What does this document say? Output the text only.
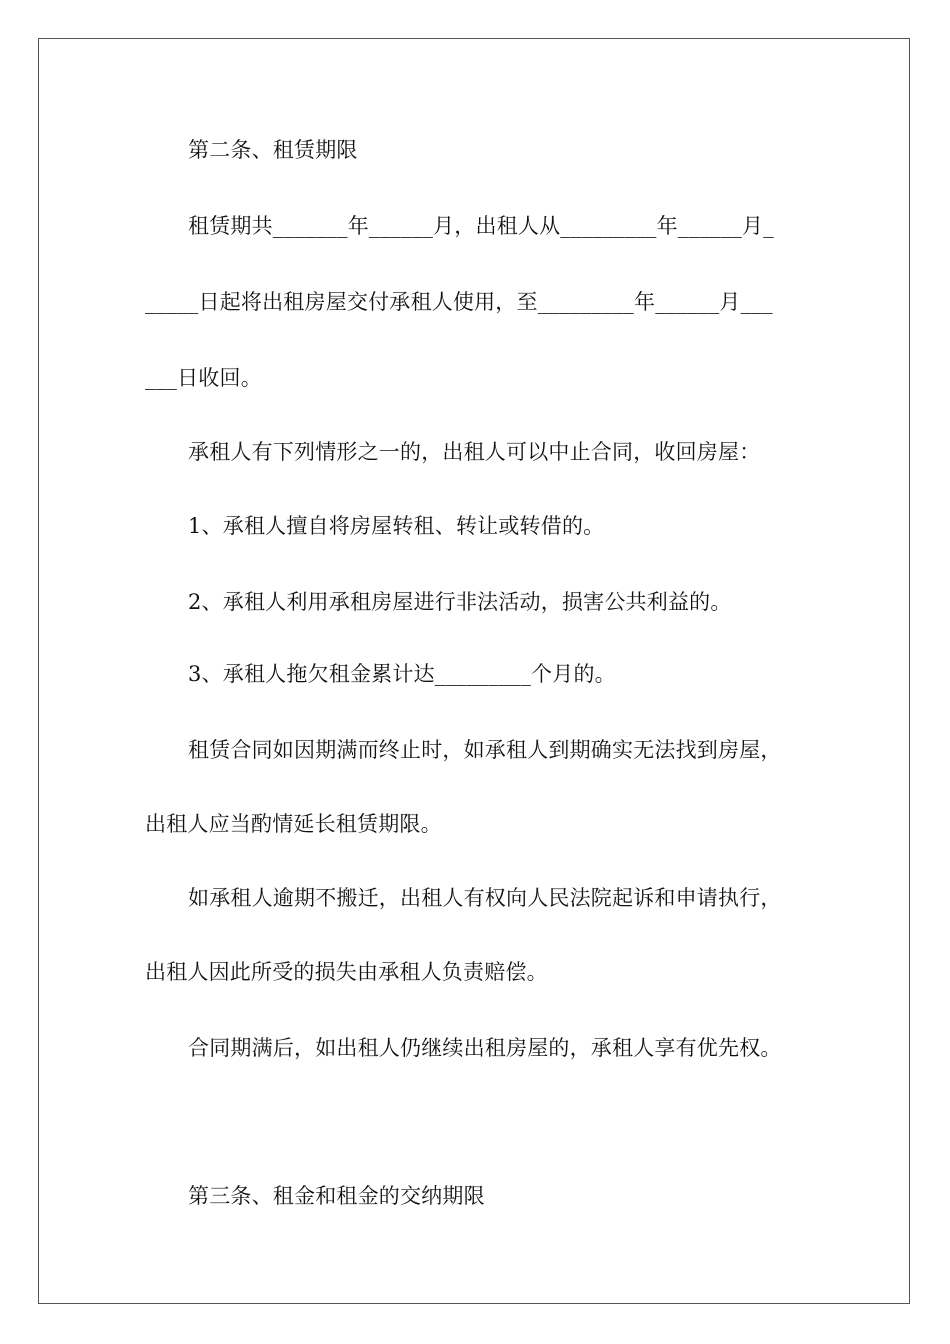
第二条、租赁期限
租赁期共_______年______月，出租人从_________年______月_
_____日起将出租房屋交付承租人使用，至_________年______月___
___日收回。
承租人有下列情形之一的，出租人可以中止合同，收回房屋：
1、承租人擅自将房屋转租、转让或转借的。
2、承租人利用承租房屋进行非法活动，损害公共利益的。
3、承租人拖欠租金累计达_________个月的。
租赁合同如因期满而终止时，如承租人到期确实无法找到房屋，
出租人应当酌情延长租赁期限。
如承租人逾期不搬迁，出租人有权向人民法院起诉和申请执行，
出租人因此所受的损失由承租人负责赔偿。
合同期满后，如出租人仍继续出租房屋的，承租人享有优先权。
第三条、租金和租金的交纳期限
